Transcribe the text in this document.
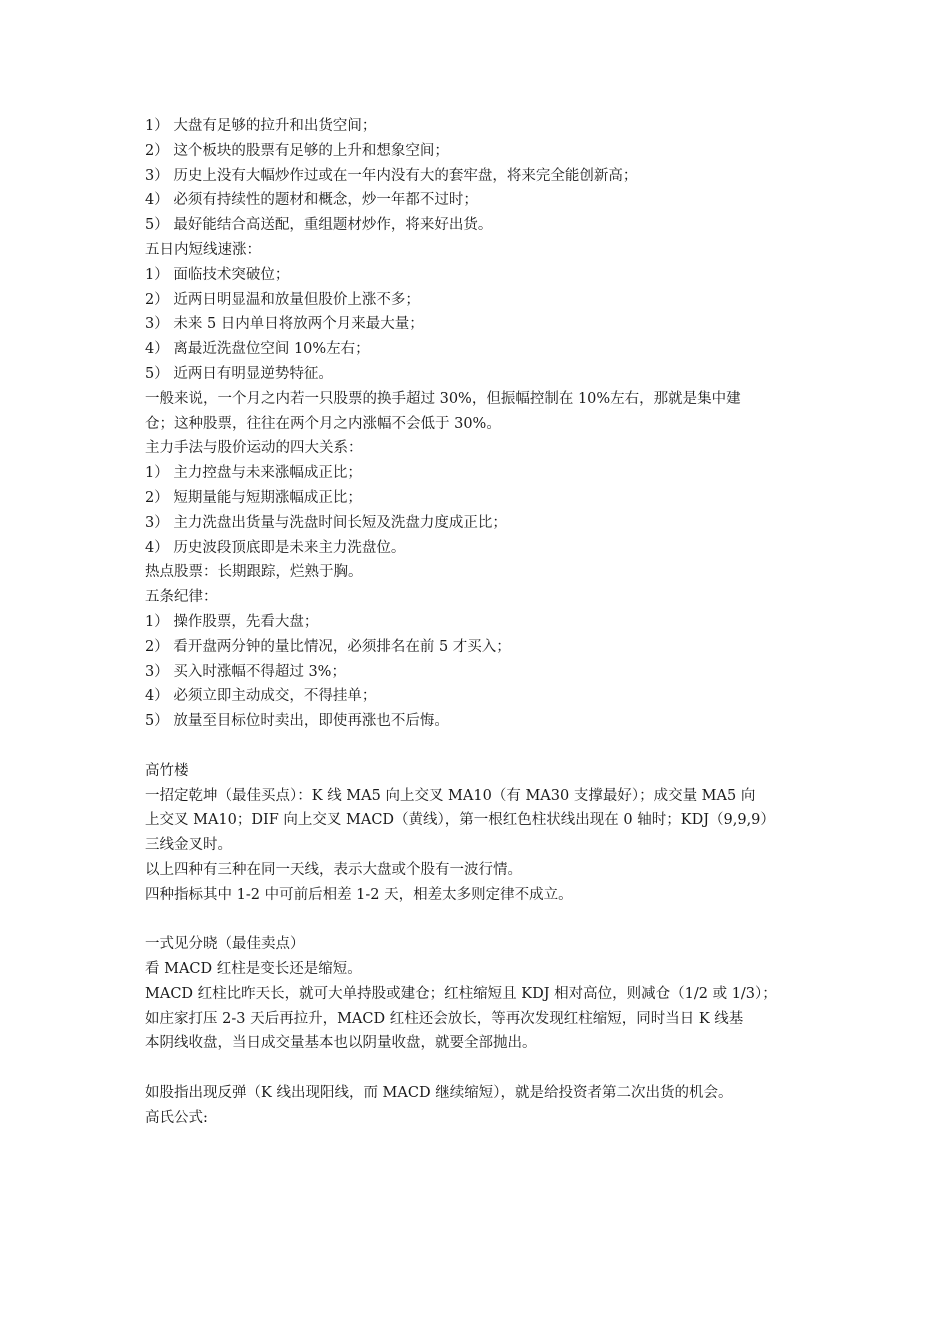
1） 大盘有足够的拉升和出货空间；
2） 这个板块的股票有足够的上升和想象空间；
3） 历史上没有大幅炒作过或在一年内没有大的套牢盘，将来完全能创新高；
4） 必须有持续性的题材和概念，炒一年都不过时；
5） 最好能结合高送配，重组题材炒作，将来好出货。
五日内短线速涨：
1） 面临技术突破位；
2） 近两日明显温和放量但股价上涨不多；
3） 未来 5 日内单日将放两个月来最大量；
4） 离最近洗盘位空间 10%左右；
5） 近两日有明显逆势特征。
一般来说，一个月之内若一只股票的换手超过 30%，但振幅控制在 10%左右，那就是集中建
仓；这种股票，往往在两个月之内涨幅不会低于 30%。
主力手法与股价运动的四大关系：
1） 主力控盘与未来涨幅成正比；
2） 短期量能与短期涨幅成正比；
3） 主力洗盘出货量与洗盘时间长短及洗盘力度成正比；
4） 历史波段顶底即是未来主力洗盘位。
热点股票：长期跟踪，烂熟于胸。
五条纪律：
1） 操作股票，先看大盘；
2） 看开盘两分钟的量比情况，必须排名在前 5 才买入；
3） 买入时涨幅不得超过 3%；
4） 必须立即主动成交，不得挂单；
5） 放量至目标位时卖出，即使再涨也不后悔。
高竹楼
一招定乾坤（最佳买点）：K 线 MA5 向上交叉 MA10（有 MA30 支撑最好）；成交量 MA5 向
上交叉 MA10；DIF 向上交叉 MACD（黄线），第一根红色柱状线出现在 0 轴时；KDJ（9,9,9）
三线金叉时。
以上四种有三种在同一天线，表示大盘或个股有一波行情。
四种指标其中 1-2 中可前后相差 1-2 天，相差太多则定律不成立。
一式见分晓（最佳卖点）
看 MACD 红柱是变长还是缩短。
MACD 红柱比昨天长，就可大单持股或建仓；红柱缩短且 KDJ 相对高位，则减仓（1/2 或 1/3）；
如庄家打压 2-3 天后再拉升，MACD 红柱还会放长，等再次发现红柱缩短，同时当日 K 线基
本阴线收盘，当日成交量基本也以阴量收盘，就要全部抛出。
如股指出现反弹（K 线出现阳线，而 MACD 继续缩短），就是给投资者第二次出货的机会。
高氏公式:
